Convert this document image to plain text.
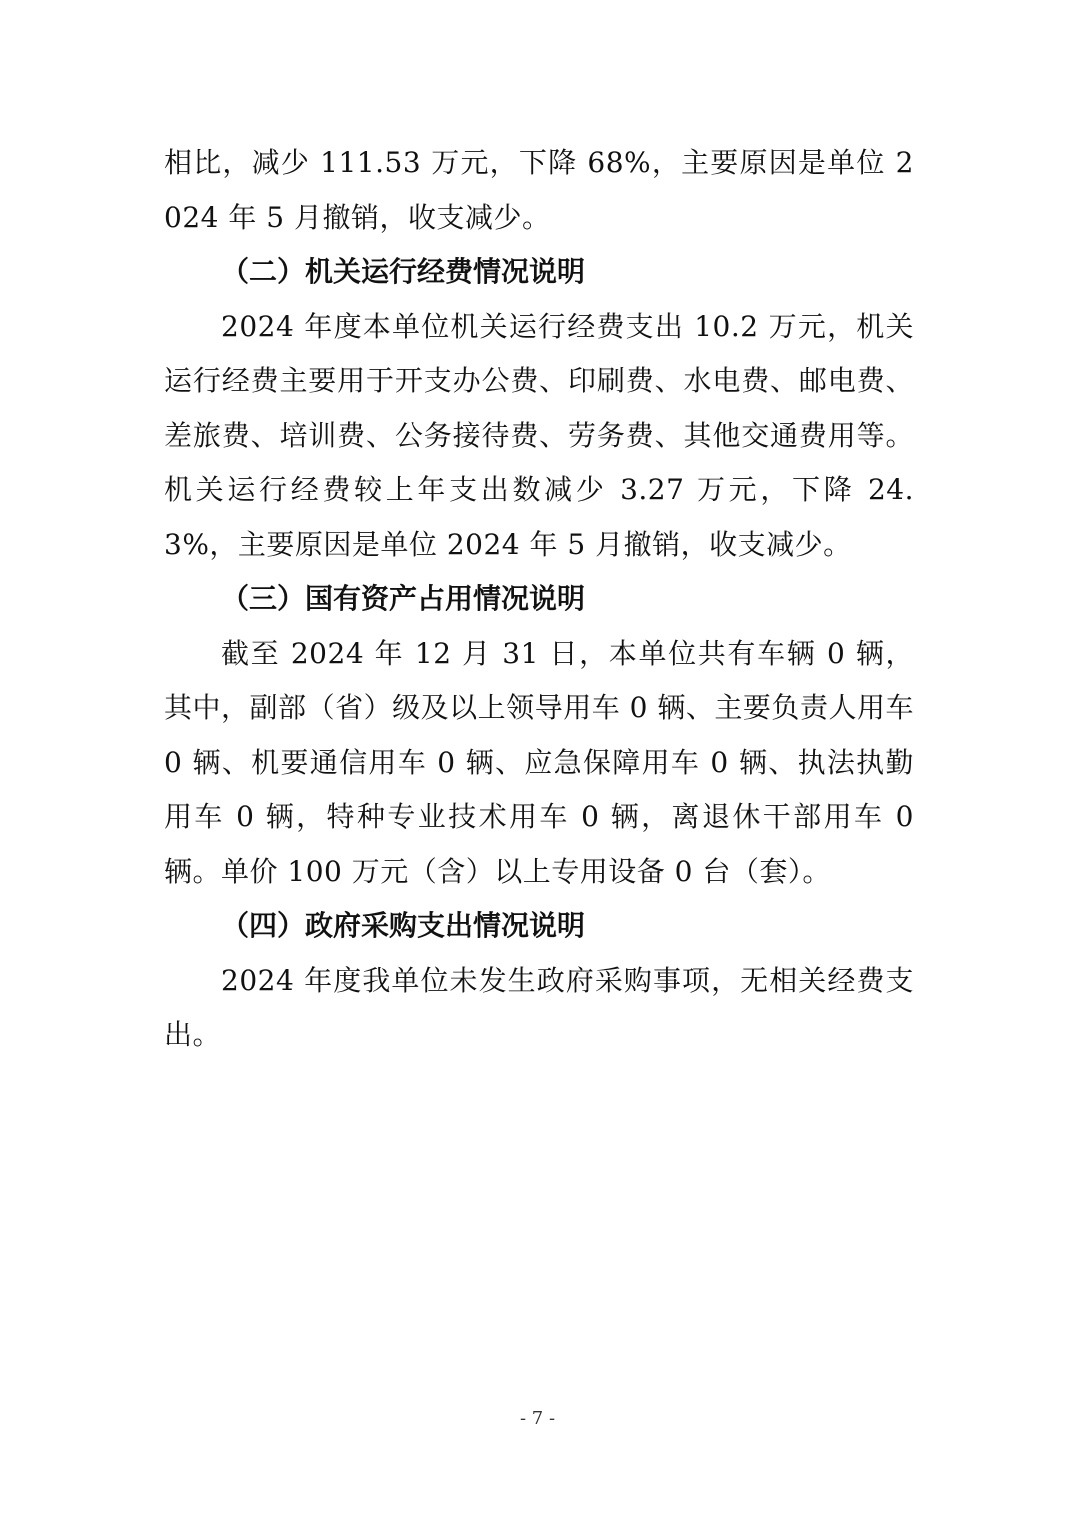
相比，减少 111.53 万元，下降 68%，主要原因是单位 2024 年 5 月撤销，收支减少。

（二）机关运行经费情况说明

2024 年度本单位机关运行经费支出 10.2 万元，机关运行经费主要用于开支办公费、印刷费、水电费、邮电费、差旅费、培训费、公务接待费、劳务费、其他交通费用等。机关运行经费较上年支出数减少 3.27 万元，下降 24.3%，主要原因是单位 2024 年 5 月撤销，收支减少。

（三）国有资产占用情况说明

截至 2024 年 12 月 31 日，本单位共有车辆 0 辆，其中，副部（省）级及以上领导用车 0 辆、主要负责人用车 0 辆、机要通信用车 0 辆、应急保障用车 0 辆、执法执勤用车 0 辆，特种专业技术用车 0 辆，离退休干部用车 0 辆。单价 100 万元（含）以上专用设备 0 台（套）。

（四）政府采购支出情况说明

2024 年度我单位未发生政府采购事项，无相关经费支出。

- 7 -
